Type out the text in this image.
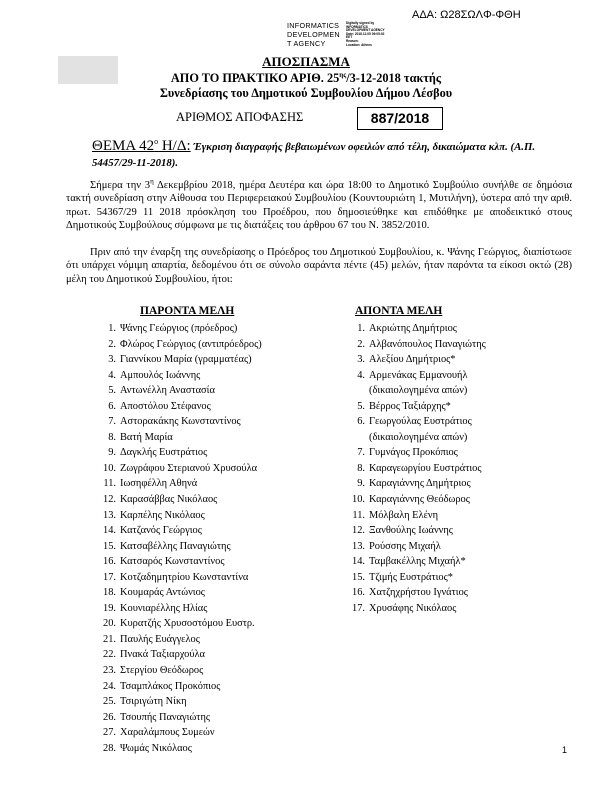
ΑΔΑ: Ω28ΣΩΛΦ-ΦΘΗ
INFORMATICS
DEVELOPMEN
T AGENCY
Digitally signed by
INFORMATICS
DEVELOPMENT AGENCY
Date: 2018.12.05 09:05:02
EET
Reason:
Location: Athens
ΑΠΟΣΠΑΣΜΑ
ΑΠΟ ΤΟ ΠΡΑΚΤΙΚΟ ΑΡΙΘ. $25^{\eta\varsigma}/3-12-2018$ τακτής
Συνεδρίασης του Δημοτικού Συμβουλίου Δήμου Λέσβου
ΑΡΙΘΜΟΣ ΑΠΟΦΑΣΗΣ	887/2018
ΘΕΜΑ $42^o$ Η/Δ: Έγκριση διαγραφής βεβαιωμένων οφειλών από τέλη, δικαιώματα κλπ. (Α.Π. 54457/29-11-2018).
Σήμερα την $3^\eta$ Δεκεμβρίου 2018, ημέρα Δευτέρα και ώρα 18:00 το Δημοτικό Συμβούλιο συνήλθε σε δημόσια τακτή συνεδρίαση στην Αίθουσα του Περιφερειακού Συμβουλίου (Κουντουριώτη 1, Μυτιλήνη), ύστερα από την αριθ. πρωτ. 54367/29 11 2018 πρόσκληση του Προέδρου, που δημοσιεύθηκε και επιδόθηκε με αποδεικτικό στους Δημοτικούς Συμβούλους σύμφωνα με τις διατάξεις του άρθρου 67 του Ν. 3852/2010.
Πριν από την έναρξη της συνεδρίασης ο Πρόεδρος του Δημοτικού Συμβουλίου, κ. Ψάνης Γεώργιος, διαπίστωσε ότι υπάρχει νόμιμη απαρτία, δεδομένου ότι σε σύνολο σαράντα πέντε (45) μελών, ήταν παρόντα τα είκοσι οκτώ (28) μέλη του Δημοτικού Συμβουλίου, ήτοι:
ΠΑΡΟΝΤΑ ΜΕΛΗ	ΑΠΟΝΤΑ ΜΕΛΗ
1. Ψάνης Γεώργιος (πρόεδρος)
2. Φλώρος Γεώργιος (αντιπρόεδρος)
3. Γιαννίκου Μαρία (γραμματέας)
4. Αμπουλός Ιωάννης
5. Αντωνέλλη Αναστασία
6. Αποστόλου Στέφανος
7. Αστορακάκης Κωνσταντίνος
8. Βατή Μαρία
9. Δαγκλής Ευστράτιος
10. Ζωγράφου Στεριανού Χρυσούλα
11. Ιωσηφέλλη Αθηνά
12. Καρασάββας Νικόλαος
13. Καρπέλης Νικόλαος
14. Κατζανός Γεώργιος
15. Κατσαβέλλης Παναγιώτης
16. Κατσαρός Κωνσταντίνος
17. Κοτζαδημητρίου Κωνσταντίνα
18. Κουμαράς Αντώνιος
19. Κουνιαρέλλης Ηλίας
20. Κυρατζής Χρυσοστόμου Ευστρ.
21. Παυλής Ευάγγελος
22. Πνακά Ταξιαρχούλα
23. Στεργίου Θεόδωρος
24. Τσαμπλάκος Προκόπιος
25. Τσιριγώτη Νίκη
26. Τσουπής Παναγιώτης
27. Χαραλάμπους Συμεών
28. Ψωμάς Νικόλαος
1. Ακριώτης Δημήτριος
2. Αλβανόπουλος Παναγιώτης
3. Αλεξίου Δημήτριος*
4. Αρμενάκας Εμμανουήλ
(δικαιολογημένα απών)
5. Βέρρος Ταξιάρχης*
6. Γεωργούλας Ευστράτιος
(δικαιολογημένα απών)
7. Γυμνάγος Προκόπιος
8. Καραγεωργίου Ευστράτιος
9. Καραγιάννης Δημήτριος
10. Καραγιάννης Θεόδωρος
11. Μόλβαλη Ελένη
12. Ξανθούλης Ιωάννης
13. Ρούσσης Μιχαήλ
14. Ταμβακέλλης Μιχαήλ*
15. Τζιμής Ευστράτιος*
16. Χατζηχρήστου Ιγνάτιος
17. Χρυσάφης Νικόλαος
1
